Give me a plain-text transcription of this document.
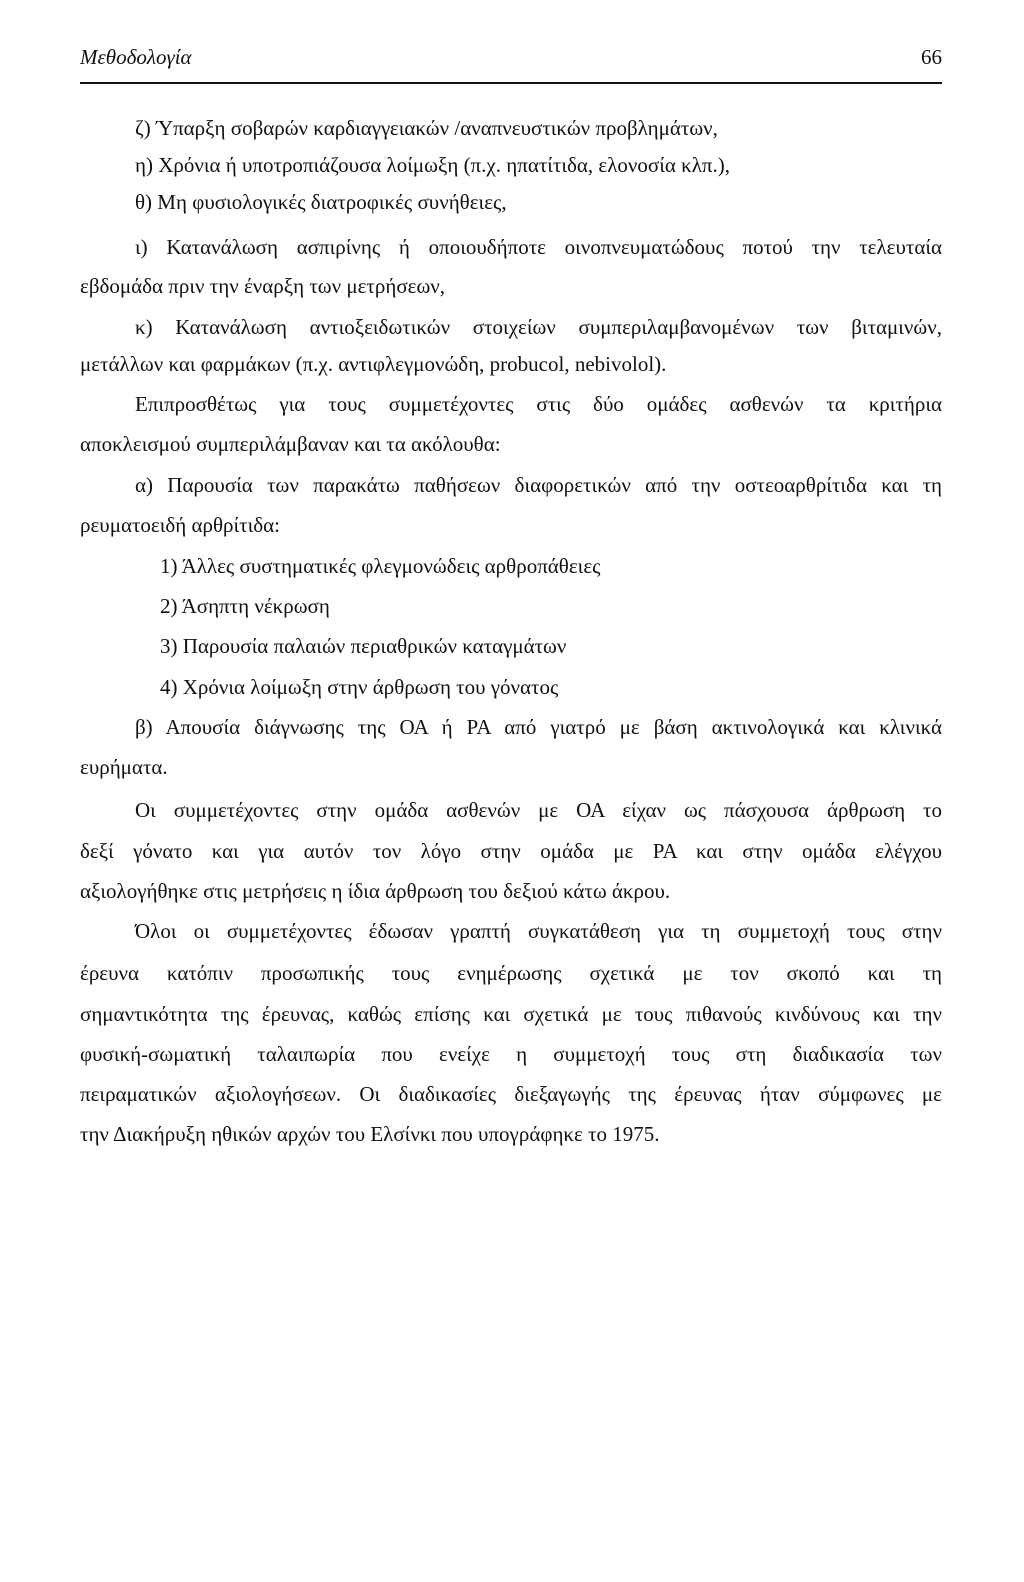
Μεθοδολογία	66
ζ) Ύπαρξη σοβαρών καρδιαγγειακών /αναπνευστικών προβλημάτων,
η) Χρόνια ή υποτροπιάζουσα λοίμωξη (π.χ. ηπατίτιδα, ελονοσία κλπ.),
θ) Μη φυσιολογικές διατροφικές συνήθειες,
ι) Κατανάλωση ασπιρίνης ή οποιουδήποτε οινοπνευματώδους ποτού την τελευταία
εβδομάδα πριν την έναρξη των μετρήσεων,
κ) Κατανάλωση αντιοξειδωτικών στοιχείων συμπεριλαμβανομένων των βιταμινών,
μετάλλων και φαρμάκων (π.χ. αντιφλεγμονώδη, probucol, nebivolol).
Επιπροσθέτως για τους συμμετέχοντες στις δύο ομάδες ασθενών τα κριτήρια
αποκλεισμού συμπεριλάμβαναν και τα ακόλουθα:
α) Παρουσία των παρακάτω παθήσεων διαφορετικών από την οστεοαρθρίτιδα και τη
ρευματοειδή αρθρίτιδα:
1) Άλλες συστηματικές φλεγμονώδεις αρθροπάθειες
2) Άσηπτη νέκρωση
3) Παρουσία παλαιών περιαθρικών καταγμάτων
4) Χρόνια λοίμωξη στην άρθρωση του γόνατος
β) Απουσία διάγνωσης της ΟΑ ή ΡΑ από γιατρό με βάση ακτινολογικά και κλινικά
ευρήματα.
Οι συμμετέχοντες στην ομάδα ασθενών με ΟΑ είχαν ως πάσχουσα άρθρωση το
δεξί γόνατο και για αυτόν τον λόγο στην ομάδα με ΡΑ και στην ομάδα ελέγχου
αξιολογήθηκε στις μετρήσεις η ίδια άρθρωση του δεξιού κάτω άκρου.
Όλοι οι συμμετέχοντες έδωσαν γραπτή συγκατάθεση για τη συμμετοχή τους στην
έρευνα κατόπιν προσωπικής τους ενημέρωσης σχετικά με τον σκοπό και τη
σημαντικότητα της έρευνας, καθώς επίσης και σχετικά με τους πιθανούς κινδύνους και την
φυσική-σωματική ταλαιπωρία που ενείχε η συμμετοχή τους στη διαδικασία των
πειραματικών αξιολογήσεων. Οι διαδικασίες διεξαγωγής της έρευνας ήταν σύμφωνες με
την Διακήρυξη ηθικών αρχών του Ελσίνκι που υπογράφηκε το 1975.
